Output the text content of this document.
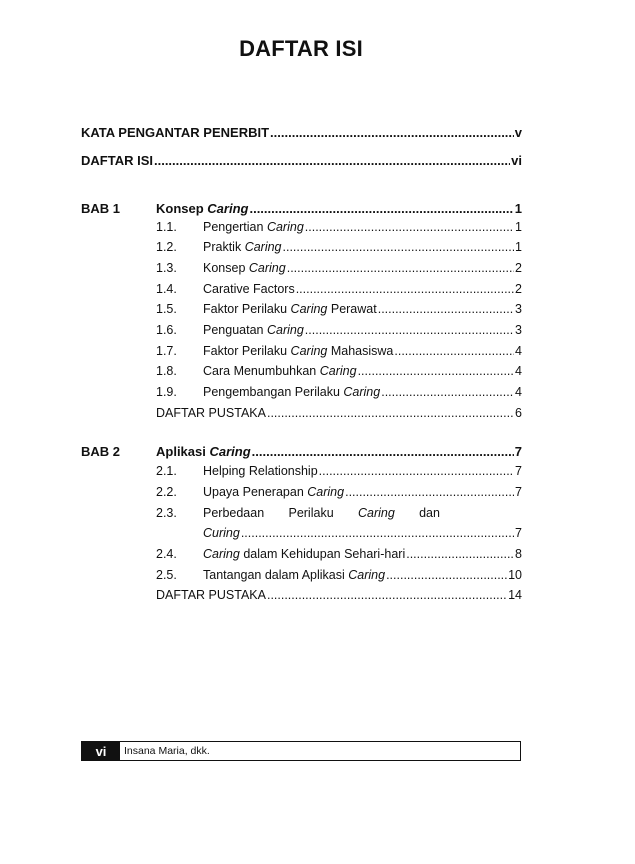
DAFTAR ISI
KATA PENGANTAR PENERBIT .....	v
DAFTAR ISI .....	vi
BAB 1	Konsep Caring .....	1
1.1. Pengertian Caring .....	1
1.2. Praktik Caring .....	1
1.3. Konsep Caring .....	2
1.4. Carative Factors .....	2
1.5. Faktor Perilaku Caring Perawat .....	3
1.6. Penguatan Caring .....	3
1.7. Faktor Perilaku Caring Mahasiswa .....	4
1.8. Cara Menumbuhkan Caring .....	4
1.9. Pengembangan Perilaku Caring .....	4
DAFTAR PUSTAKA .....	6
BAB 2	Aplikasi Caring .....	7
2.1. Helping Relationship .....	7
2.2. Upaya Penerapan Caring .....	7
2.3. Perbedaan Perilaku Caring dan
Curing .....	7
2.4. Caring dalam Kehidupan Sehari-hari .....	8
2.5. Tantangan dalam Aplikasi Caring .....	10
DAFTAR PUSTAKA .....	14
vi	Insana Maria, dkk.
